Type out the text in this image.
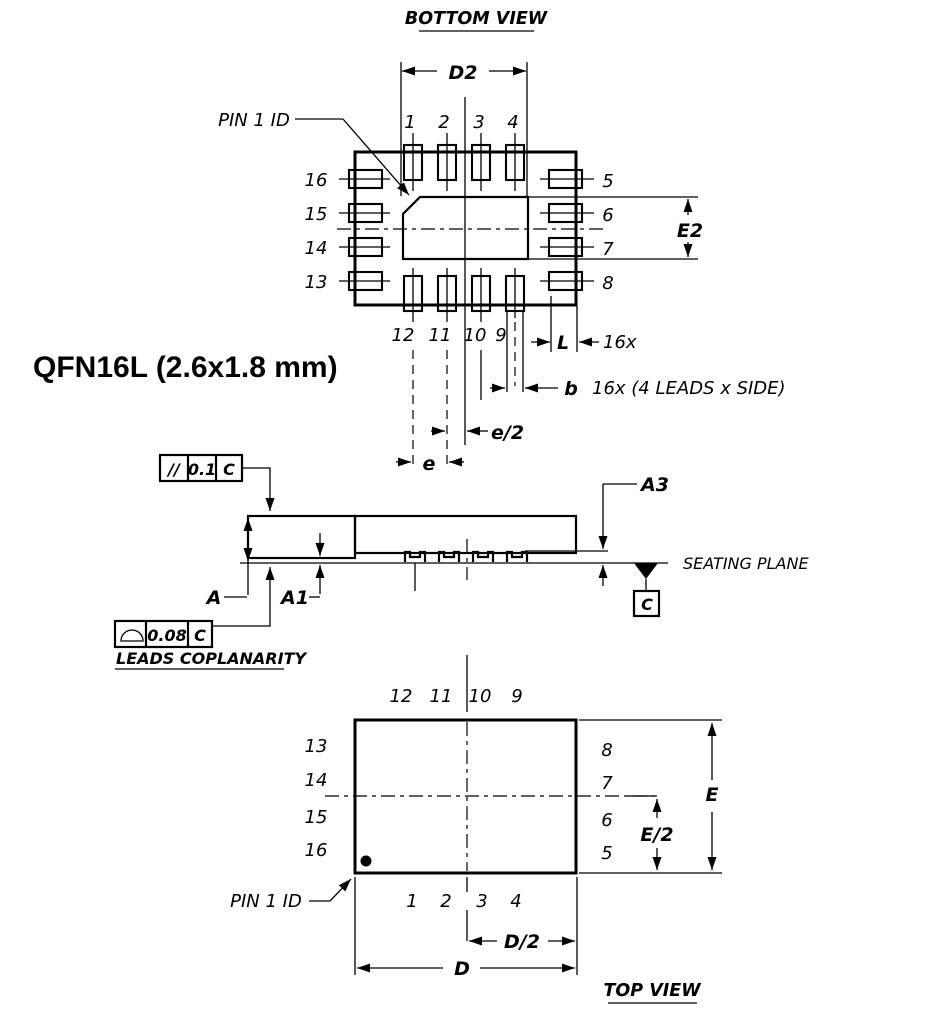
BOTTOM VIEW
1 2 3 4
16
15
14
13
5
6
7
8
12 11 10 9
D2
PIN 1 ID
E2
L 16x
b 16x (4 LEADS x SIDE)
e/2
e
QFN16L (2.6x1.8 mm)
// 0.1 C
SEATING PLANE
C
A	A1
A3
0.08 C
LEADS COPLANARITY
12 11 10 9
13
14
15
16
8
7
6
5
1 2 3 4
PIN 1 ID
E
E/2
D/2
D
TOP VIEW
